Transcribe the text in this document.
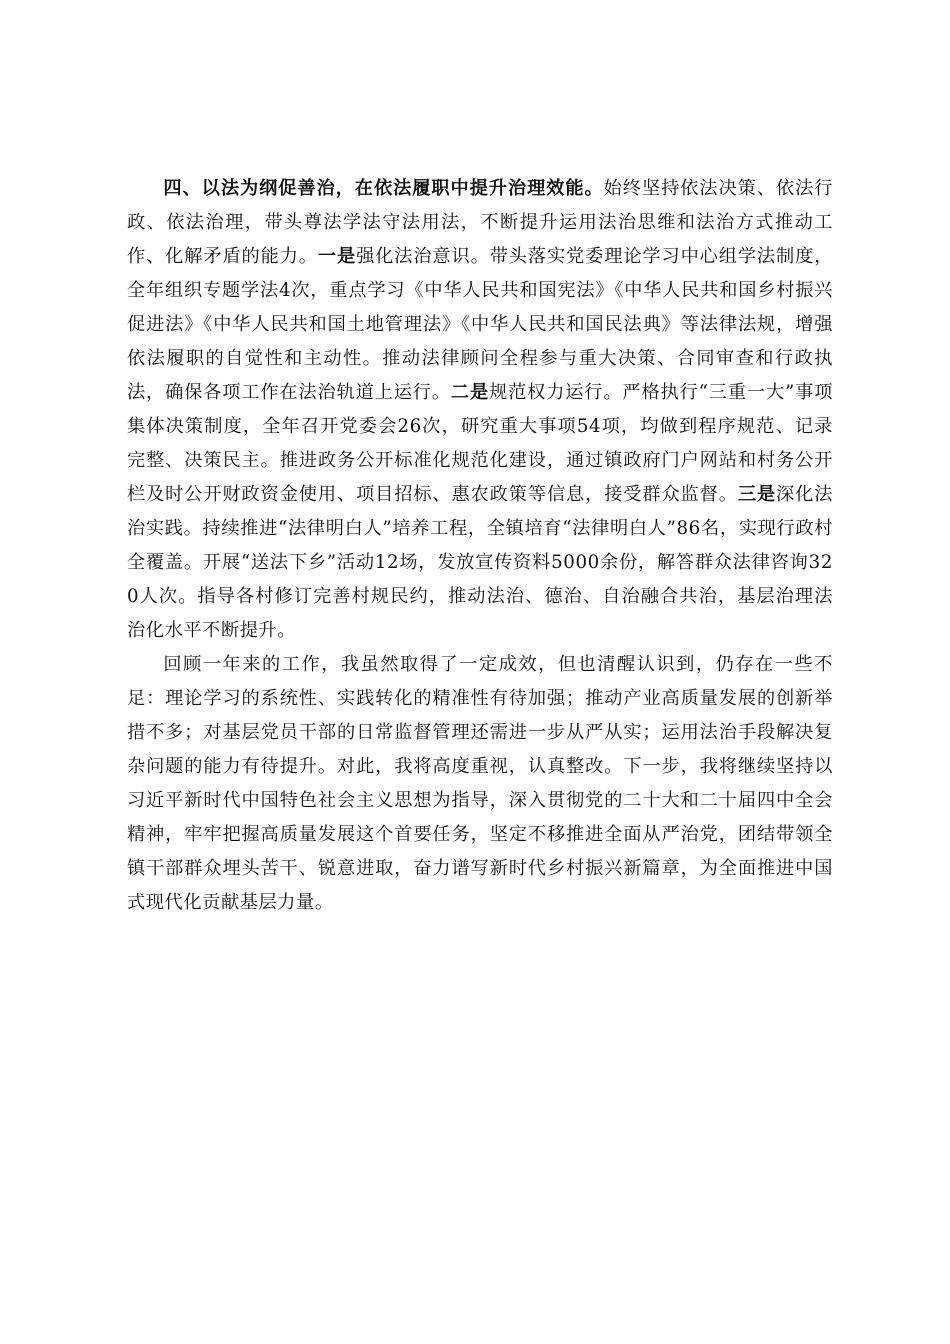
四、以法为纲促善治，在依法履职中提升治理效能。始终坚持依法决策、依法行政、依法治理，带头尊法学法守法用法，不断提升运用法治思维和法治方式推动工作、化解矛盾的能力。一是强化法治意识。带头落实党委理论学习中心组学法制度，全年组织专题学法4次，重点学习《中华人民共和国宪法》《中华人民共和国乡村振兴促进法》《中华人民共和国土地管理法》《中华人民共和国民法典》等法律法规，增强依法履职的自觉性和主动性。推动法律顾问全程参与重大决策、合同审查和行政执法，确保各项工作在法治轨道上运行。二是规范权力运行。严格执行“三重一大”事项集体决策制度，全年召开党委会26次，研究重大事项54项，均做到程序规范、记录完整、决策民主。推进政务公开标准化规范化建设，通过镇政府门户网站和村务公开栏及时公开财政资金使用、项目招标、惠农政策等信息，接受群众监督。三是深化法治实践。持续推进“法律明白人”培养工程，全镇培育“法律明白人”86名，实现行政村全覆盖。开展“送法下乡”活动12场，发放宣传资料5000余份，解答群众法律咨询320人次。指导各村修订完善村规民约，推动法治、德治、自治融合共治，基层治理法治化水平不断提升。

回顾一年来的工作，我虽然取得了一定成效，但也清醒认识到，仍存在一些不足：理论学习的系统性、实践转化的精准性有待加强；推动产业高质量发展的创新举措不多；对基层党员干部的日常监督管理还需进一步从严从实；运用法治手段解决复杂问题的能力有待提升。对此，我将高度重视，认真整改。下一步，我将继续坚持以习近平新时代中国特色社会主义思想为指导，深入贯彻党的二十大和二十届四中全会精神，牢牢把握高质量发展这个首要任务，坚定不移推进全面从严治党，团结带领全镇干部群众埋头苦干、锐意进取，奋力谱写新时代乡村振兴新篇章，为全面推进中国式现代化贡献基层力量。
